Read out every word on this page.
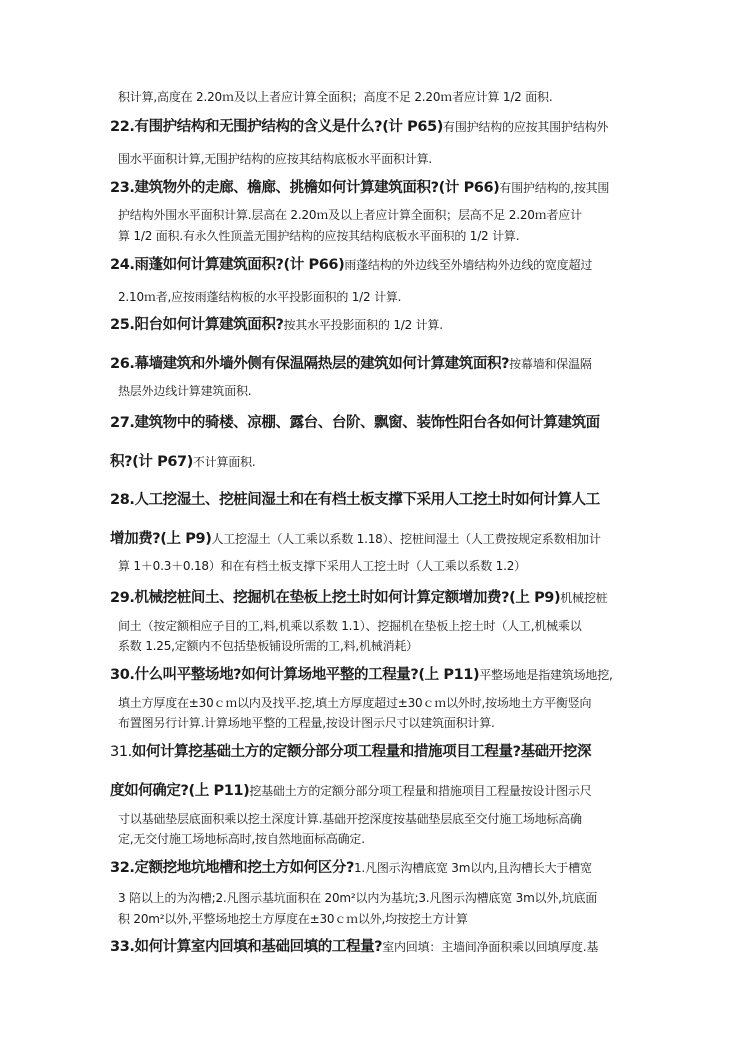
积计算,高度在 2.20ｍ及以上者应计算全面积；高度不足 2.20ｍ者应计算 1/2 面积.
22.有围护结构和无围护结构的含义是什么?(计 P65)有围护结构的应按其围护结构外
围水平面积计算,无围护结构的应按其结构底板水平面积计算.
23.建筑物外的走廊、檐廊、挑檐如何计算建筑面积?(计 P66)有围护结构的,按其围
护结构外围水平面积计算.层高在 2.20ｍ及以上者应计算全面积；层高不足 2.20ｍ者应计
算 1/2 面积.有永久性顶盖无围护结构的应按其结构底板水平面积的 1/2 计算.
24.雨蓬如何计算建筑面积?(计 P66)雨蓬结构的外边线至外墙结构外边线的宽度超过
2.10ｍ者,应按雨蓬结构板的水平投影面积的 1/2 计算.
25.阳台如何计算建筑面积?按其水平投影面积的 1/2 计算.
26.幕墙建筑和外墙外侧有保温隔热层的建筑如何计算建筑面积?按幕墙和保温隔
热层外边线计算建筑面积.
27.建筑物中的骑楼、凉棚、露台、台阶、飘窗、装饰性阳台各如何计算建筑面
积?(计 P67)不计算面积.
28.人工挖湿土、挖桩间湿土和在有档土板支撑下采用人工挖土时如何计算人工
增加费?(上 P9)人工挖湿土（人工乘以系数 1.18）、挖桩间湿土（人工费按规定系数相加计
算 1＋0.3＋0.18）和在有档土板支撑下采用人工挖土时（人工乘以系数 1.2）
29.机械挖桩间土、挖掘机在垫板上挖土时如何计算定额增加费?(上 P9)机械挖桩
间土（按定额相应子目的工,料,机乘以系数 1.1）、挖掘机在垫板上挖土时（人工,机械乘以
系数 1.25,定额内不包括垫板铺设所需的工,料,机械消耗）
30.什么叫平整场地?如何计算场地平整的工程量?(上 P11)平整场地是指建筑场地挖,
填土方厚度在±30ｃｍ以内及找平.挖,填土方厚度超过±30ｃｍ以外时,按场地土方平衡竖向
布置图另行计算.计算场地平整的工程量,按设计图示尺寸以建筑面积计算.
31.如何计算挖基础土方的定额分部分项工程量和措施项目工程量?基础开挖深
度如何确定?(上 P11)挖基础土方的定额分部分项工程量和措施项目工程量按设计图示尺
寸以基础垫层底面积乘以挖土深度计算.基础开挖深度按基础垫层底至交付施工场地标高确
定,无交付施工场地标高时,按自然地面标高确定.
32.定额挖地坑地槽和挖土方如何区分?1.凡图示沟槽底宽 3m以内,且沟槽长大于槽宽
3 陪以上的为沟槽;2.凡图示基坑面积在 20m²以内为基坑;3.凡图示沟槽底宽 3m以外,坑底面
积 20m²以外,平整场地挖土方厚度在±30ｃｍ以外,均按挖土方计算
33.如何计算室内回填和基础回填的工程量?室内回填：主墙间净面积乘以回填厚度.基
